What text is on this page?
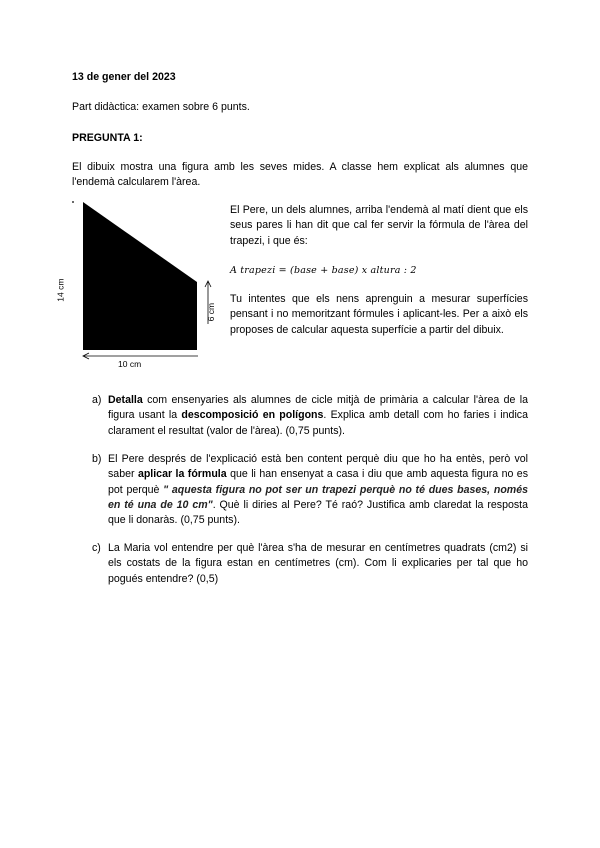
13 de gener del 2023
Part didàctica: examen sobre 6 punts.
PREGUNTA 1:
El dibuix mostra una figura amb les seves mides. A classe hem explicat als alumnes que l'endemà calcularem l'àrea.
14 cm
6 cm
10 cm
El Pere, un dels alumnes, arriba l'endemà al matí dient que els seus pares li han dit que cal fer servir la fórmula de l'àrea del trapezi, i que és:
A trapezi = (base + base) x altura : 2
Tu intentes que els nens aprenguin a mesurar superfícies pensant i no memoritzant fórmules i aplicant-les. Per a això els proposes de calcular aquesta superfície a partir del dibuix.
a) Detalla com ensenyaries als alumnes de cicle mitjà de primària a calcular l'àrea de la figura usant la descomposició en polígons. Explica amb detall com ho faries i indica clarament el resultat (valor de l'àrea). (0,75 punts).
b) El Pere després de l'explicació està ben content perquè diu que ho ha entès, però vol saber aplicar la fórmula que li han ensenyat a casa i diu que amb aquesta figura no es pot perquè " aquesta figura no pot ser un trapezi perquè no té dues bases, només en té una de 10 cm". Què li diries al Pere? Té raó? Justifica amb claredat la resposta que li donaràs. (0,75 punts).
c) La Maria vol entendre per què l'àrea s'ha de mesurar en centímetres quadrats (cm2) si els costats de la figura estan en centímetres (cm). Com li explicaries per tal que ho pogués entendre? (0,5)
